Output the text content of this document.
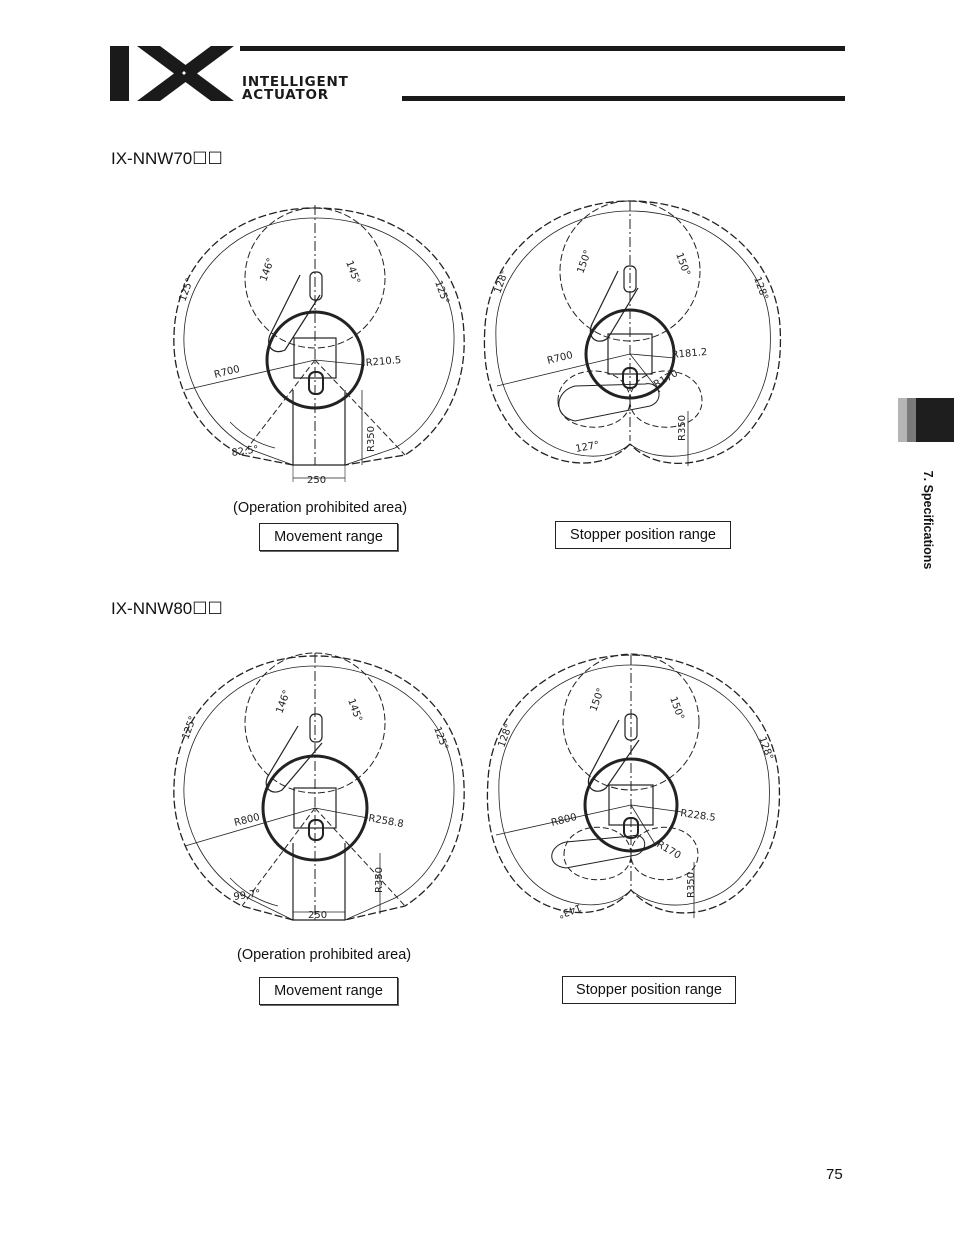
INTELLIGENT
ACTUATOR
7. Specifications
IX-NNW70☐☐
146°	145°
125°	125°
R700
R210.5
82.5°	R350
250
150°	150°
128°	128°
R700	R181.2
R170
R350
127°
(Operation prohibited area)
Movement range	Stopper position range
IX-NNW80☐☐
146°	145°
125°	125°
R800	R258.8
99.7°
R350
250
150°	150°
128°	128°
R800	R228.5
R170
R350
143°
(Operation prohibited area)
Movement range	Stopper position range
75
